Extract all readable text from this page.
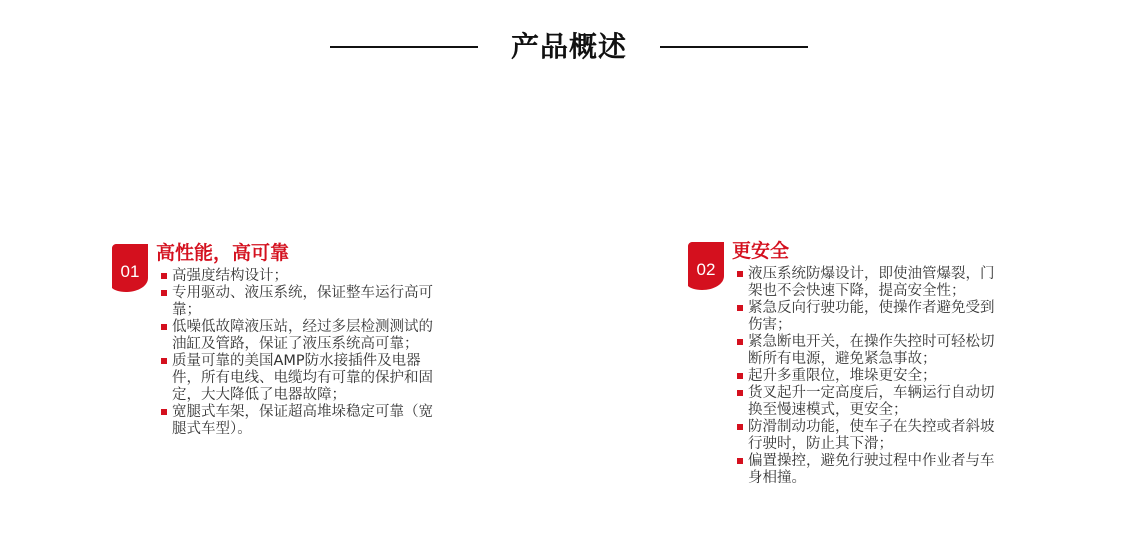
产品概述
01
高性能，高可靠
高强度结构设计；
专用驱动、液压系统，保证整车运行高可靠；
低噪低故障液压站，经过多层检测测试的油缸及管路，保证了液压系统高可靠；
质量可靠的美国AMP防水接插件及电器件，所有电线、电缆均有可靠的保护和固定，大大降低了电器故障；
宽腿式车架，保证超高堆垛稳定可靠（宽腿式车型）。
02
更安全
液压系统防爆设计，即使油管爆裂，门架也不会快速下降，提高安全性；
紧急反向行驶功能，使操作者避免受到伤害；
紧急断电开关，在操作失控时可轻松切断所有电源，避免紧急事故；
起升多重限位，堆垛更安全；
货叉起升一定高度后，车辆运行自动切换至慢速模式，更安全；
防滑制动功能，使车子在失控或者斜坡行驶时，防止其下滑；
偏置操控，避免行驶过程中作业者与车身相撞。
